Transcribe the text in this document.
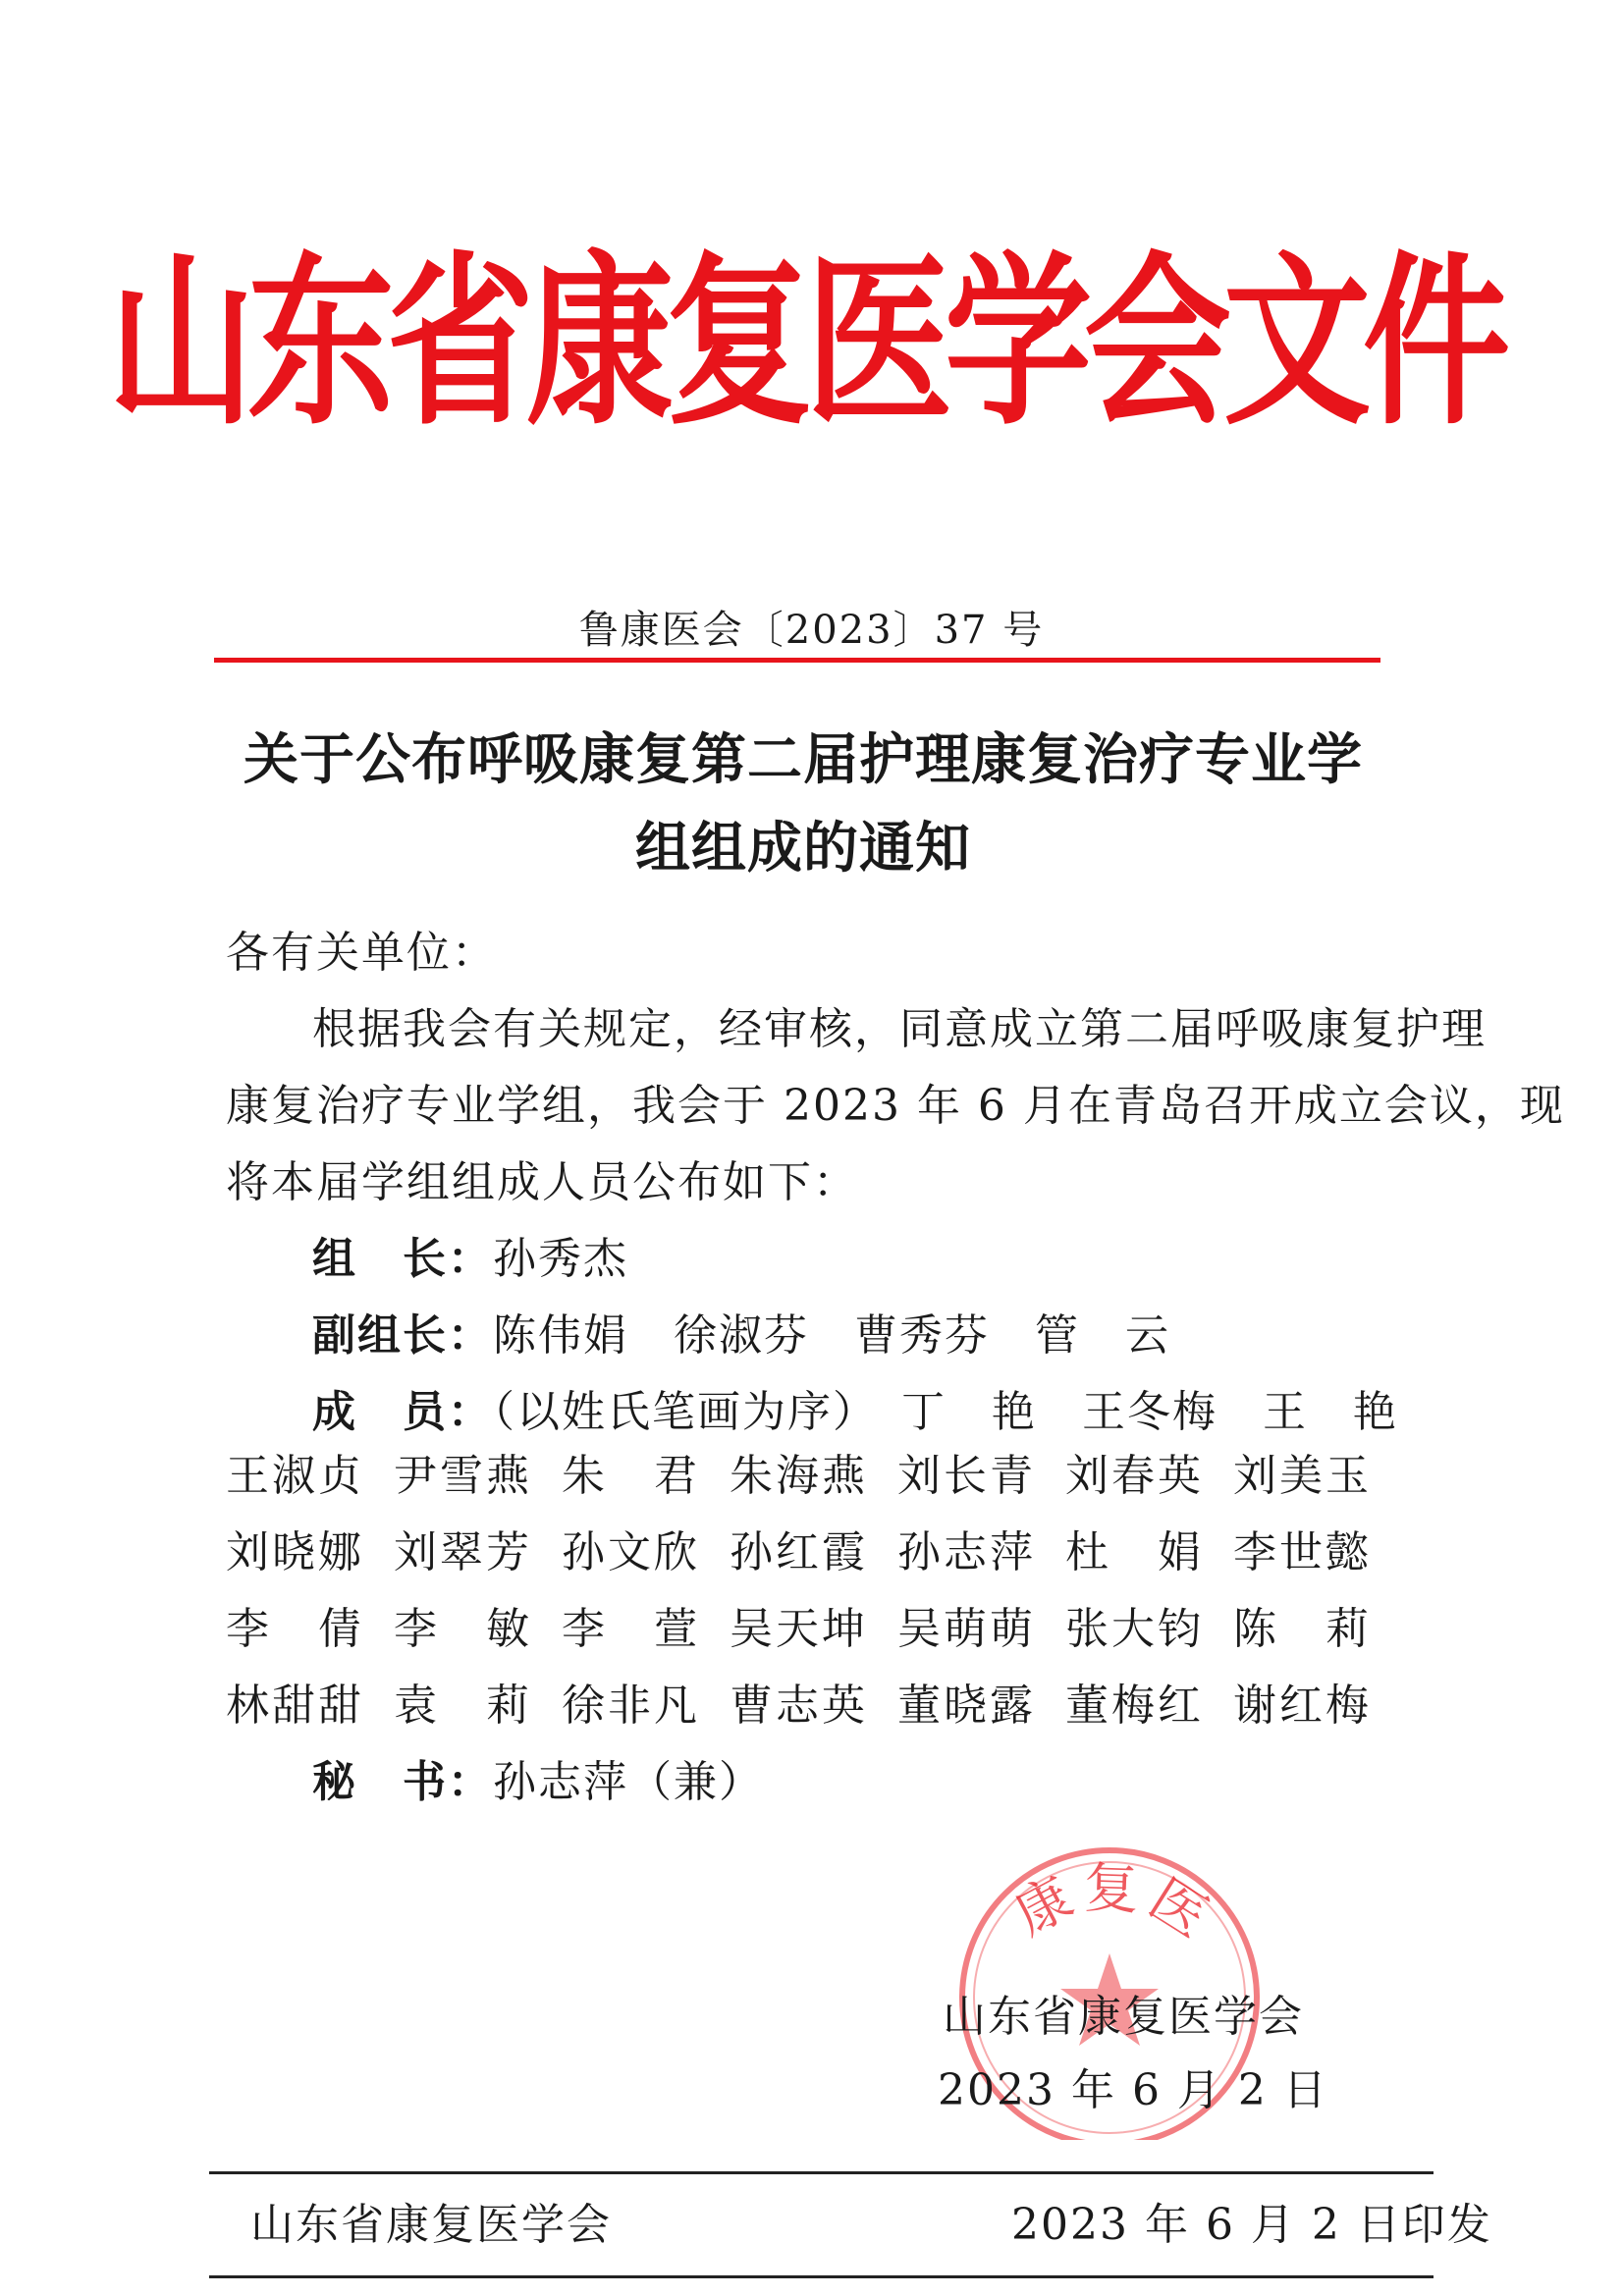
山东省康复医学会文件
鲁康医会〔2023〕37 号
关于公布呼吸康复第二届护理康复治疗专业学
组组成的通知
各有关单位：
根据我会有关规定，经审核，同意成立第二届呼吸康复护理
康复治疗专业学组，我会于 2023 年 6 月在青岛召开成立会议，现
将本届学组组成人员公布如下：
组　长：孙秀杰
副组长：陈伟娟　徐淑芬　曹秀芬　管　云
成　员：（以姓氏笔画为序）　 丁　艳　王冬梅　王　艳
王淑贞 尹雪燕 朱　君 朱海燕 刘长青 刘春英 刘美玉
刘晓娜 刘翠芳 孙文欣 孙红霞 孙志萍 杜　娟 李世懿
李　倩 李　敏 李　萱 吴天坤 吴萌萌 张大钧 陈　莉
林甜甜 袁　莉 徐非凡 曹志英 董晓露 董梅红 谢红梅
秘　书：孙志萍（兼）
康复医
山东省康复医学会
2023 年 6 月 2 日
山东省康复医学会	2023 年 6 月 2 日印发
